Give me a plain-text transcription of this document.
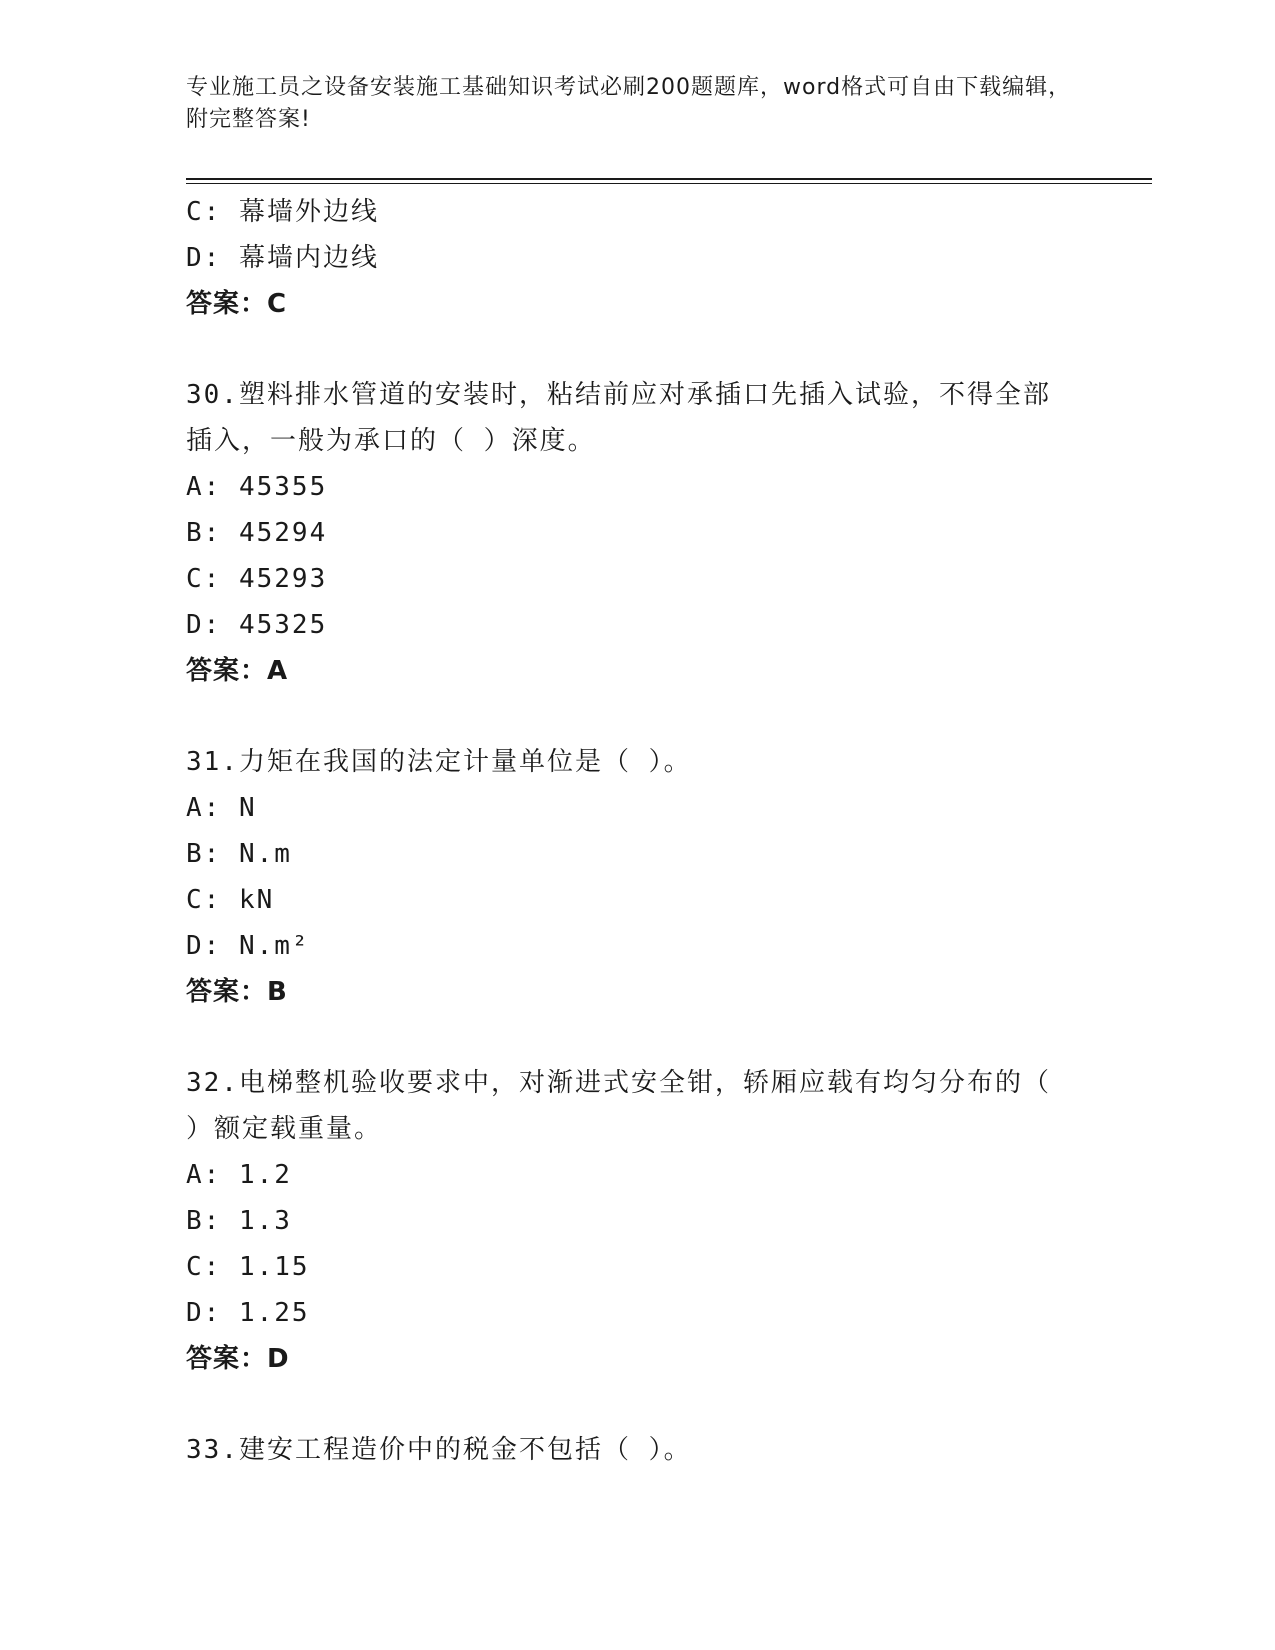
专业施工员之设备安装施工基础知识考试必刷200题题库，word格式可自由下载编辑，附完整答案!
C: 幕墙外边线
D: 幕墙内边线
答案：C
30.塑料排水管道的安装时，粘结前应对承插口先插入试验，不得全部
插入，一般为承口的（ ）深度。
A: 45355
B: 45294
C: 45293
D: 45325
答案：A
31.力矩在我国的法定计量单位是（ ）。
A: N
B: N.m
C: kN
D: N.m²
答案：B
32.电梯整机验收要求中，对渐进式安全钳，轿厢应载有均匀分布的（
）额定载重量。
A: 1.2
B: 1.3
C: 1.15
D: 1.25
答案：D
33.建安工程造价中的税金不包括（ ）。
